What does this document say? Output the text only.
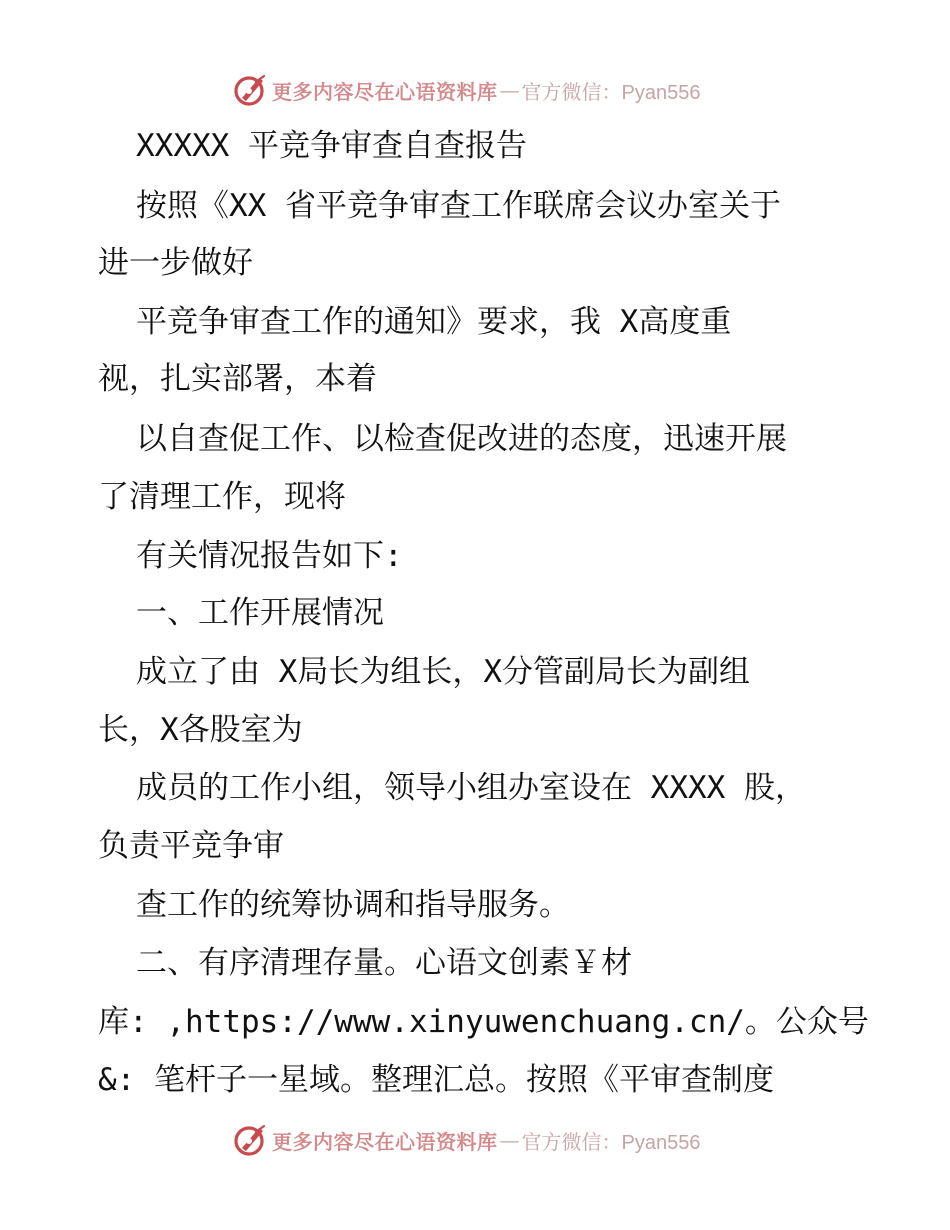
更多内容尽在心语资料库 — 官方微信：Pyan556
XXXXX 平竞争审查自查报告
按照《XX 省平竞争审查工作联席会议办室关于
进一步做好
平竞争审查工作的通知》要求，我 X高度重
视，扎实部署，本着
以自查促工作、以检查促改进的态度，迅速开展
了清理工作，现将
有关情况报告如下:
一、工作开展情况
成立了由 X局长为组长，X分管副局长为副组
长，X各股室为
成员的工作小组，领导小组办室设在 XXXX 股，
负责平竞争审
查工作的统筹协调和指导服务。
二、有序清理存量。心语文创素￥材
库: ,https://www.xinyuwenchuang.cn/。公众号
&: 笔杆子一星域。整理汇总。按照《平审查制度
更多内容尽在心语资料库 — 官方微信：Pyan556
